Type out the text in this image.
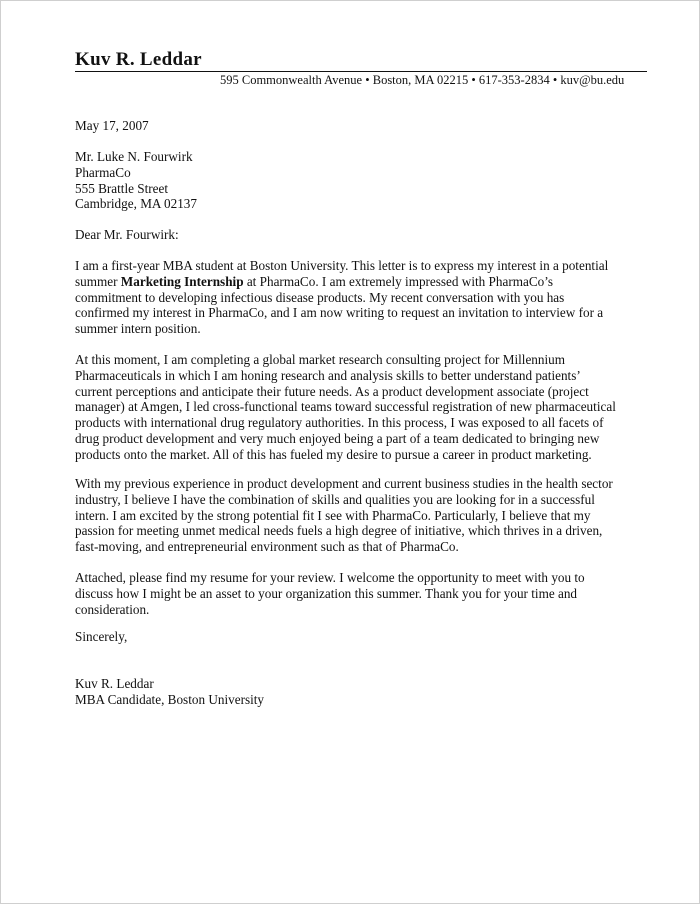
Kuv R. Leddar
595 Commonwealth Avenue • Boston, MA 02215 • 617-353-2834 • kuv@bu.edu
May 17, 2007
Mr. Luke N. Fourwirk
PharmaCo
555 Brattle Street
Cambridge, MA 02137
Dear Mr. Fourwirk:
I am a first-year MBA student at Boston University. This letter is to express my interest in a potential
summer Marketing Internship at PharmaCo. I am extremely impressed with PharmaCo’s
commitment to developing infectious disease products. My recent conversation with you has
confirmed my interest in PharmaCo, and I am now writing to request an invitation to interview for a
summer intern position.
At this moment, I am completing a global market research consulting project for Millennium
Pharmaceuticals in which I am honing research and analysis skills to better understand patients’
current perceptions and anticipate their future needs. As a product development associate (project
manager) at Amgen, I led cross-functional teams toward successful registration of new pharmaceutical
products with international drug regulatory authorities. In this process, I was exposed to all facets of
drug product development and very much enjoyed being a part of a team dedicated to bringing new
products onto the market. All of this has fueled my desire to pursue a career in product marketing.
With my previous experience in product development and current business studies in the health sector
industry, I believe I have the combination of skills and qualities you are looking for in a successful
intern. I am excited by the strong potential fit I see with PharmaCo. Particularly, I believe that my
passion for meeting unmet medical needs fuels a high degree of initiative, which thrives in a driven,
fast-moving, and entrepreneurial environment such as that of PharmaCo.
Attached, please find my resume for your review. I welcome the opportunity to meet with you to
discuss how I might be an asset to your organization this summer. Thank you for your time and
consideration.
Sincerely,
Kuv R. Leddar
MBA Candidate, Boston University
